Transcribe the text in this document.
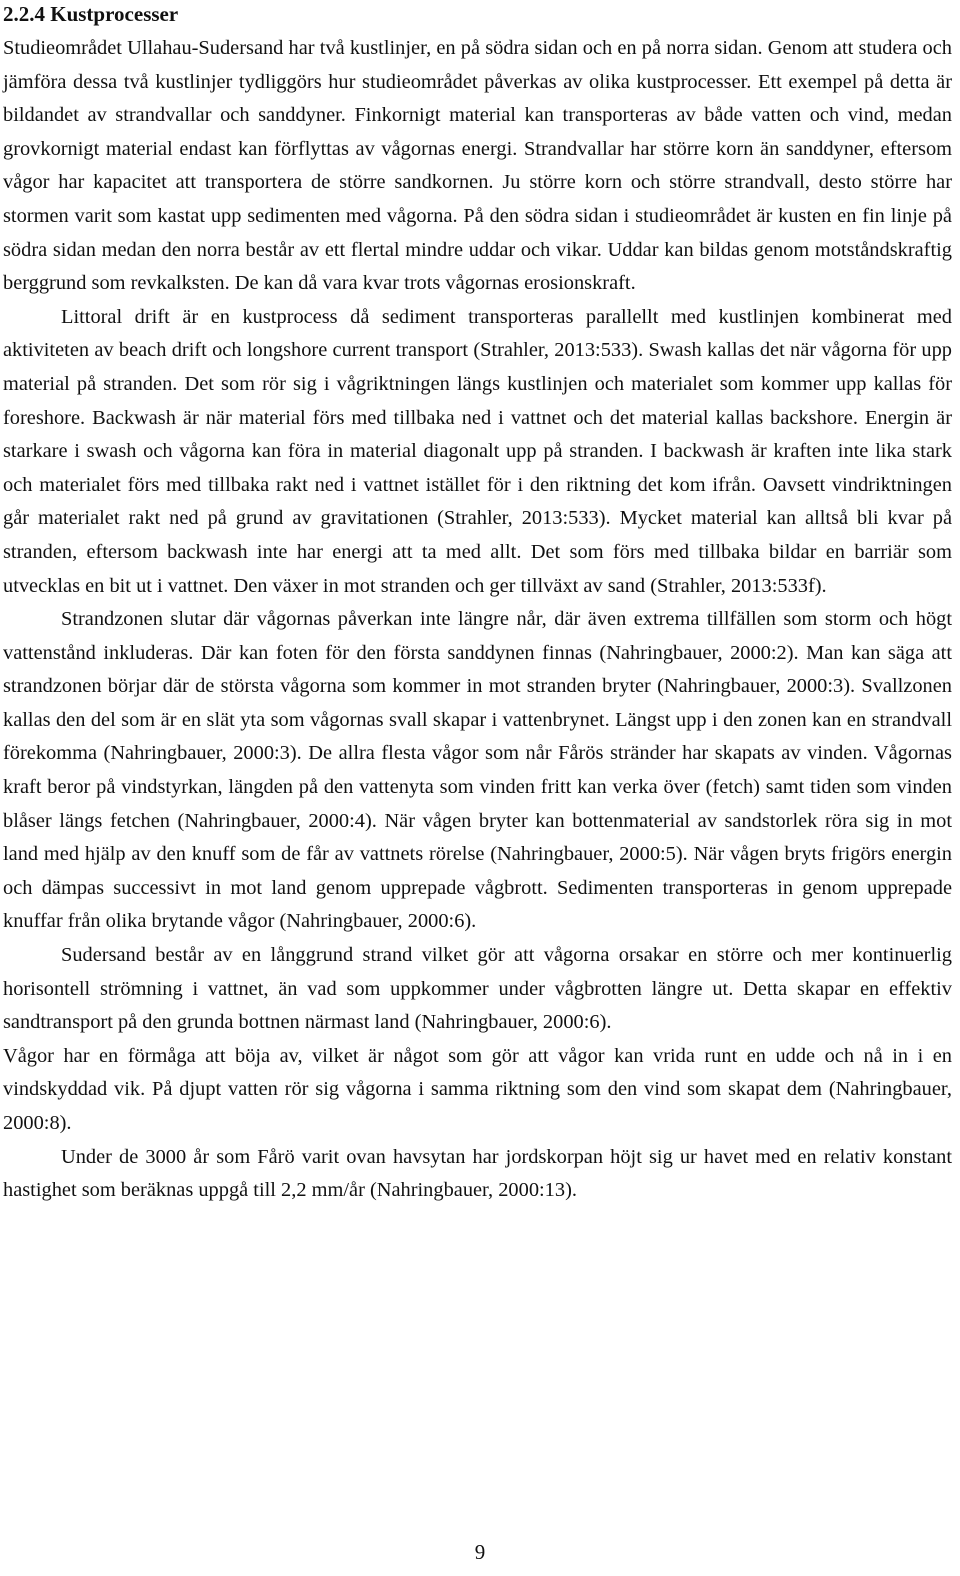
2.2.4 Kustprocesser

Studieområdet Ullahau-Sudersand har två kustlinjer, en på södra sidan och en på norra sidan. Genom att studera och jämföra dessa två kustlinjer tydliggörs hur studieområdet påverkas av olika kustprocesser. Ett exempel på detta är bildandet av strandvallar och sanddyner. Finkornigt material kan transporteras av både vatten och vind, medan grovkornigt material endast kan förflyttas av vågornas energi. Strandvallar har större korn än sanddyner, eftersom vågor har kapacitet att transportera de större sandkornen. Ju större korn och större strandvall, desto större har stormen varit som kastat upp sedimenten med vågorna. På den södra sidan i studieområdet är kusten en fin linje på södra sidan medan den norra består av ett flertal mindre uddar och vikar. Uddar kan bildas genom motståndskraftig berggrund som revkalksten. De kan då vara kvar trots vågornas erosionskraft.

Littoral drift är en kustprocess då sediment transporteras parallellt med kustlinjen kombinerat med aktiviteten av beach drift och longshore current transport (Strahler, 2013:533). Swash kallas det när vågorna för upp material på stranden. Det som rör sig i vågriktningen längs kustlinjen och materialet som kommer upp kallas för foreshore. Backwash är när material förs med tillbaka ned i vattnet och det material kallas backshore. Energin är starkare i swash och vågorna kan föra in material diagonalt upp på stranden. I backwash är kraften inte lika stark och materialet förs med tillbaka rakt ned i vattnet istället för i den riktning det kom ifrån. Oavsett vindriktningen går materialet rakt ned på grund av gravitationen (Strahler, 2013:533). Mycket material kan alltså bli kvar på stranden, eftersom backwash inte har energi att ta med allt. Det som förs med tillbaka bildar en barriär som utvecklas en bit ut i vattnet. Den växer in mot stranden och ger tillväxt av sand (Strahler, 2013:533f).

Strandzonen slutar där vågornas påverkan inte längre når, där även extrema tillfällen som storm och högt vattenstånd inkluderas. Där kan foten för den första sanddynen finnas (Nahringbauer, 2000:2). Man kan säga att strandzonen börjar där de största vågorna som kommer in mot stranden bryter (Nahringbauer, 2000:3). Svallzonen kallas den del som är en slät yta som vågornas svall skapar i vattenbrynet. Längst upp i den zonen kan en strandvall förekomma (Nahringbauer, 2000:3). De allra flesta vågor som når Fårös stränder har skapats av vinden. Vågornas kraft beror på vindstyrkan, längden på den vattenyta som vinden fritt kan verka över (fetch) samt tiden som vinden blåser längs fetchen (Nahringbauer, 2000:4). När vågen bryter kan bottenmaterial av sandstorlek röra sig in mot land med hjälp av den knuff som de får av vattnets rörelse (Nahringbauer, 2000:5). När vågen bryts frigörs energin och dämpas successivt in mot land genom upprepade vågbrott. Sedimenten transporteras in genom upprepade knuffar från olika brytande vågor (Nahringbauer, 2000:6).

Sudersand består av en långgrund strand vilket gör att vågorna orsakar en större och mer kontinuerlig horisontell strömning i vattnet, än vad som uppkommer under vågbrotten längre ut. Detta skapar en effektiv sandtransport på den grunda bottnen närmast land (Nahringbauer, 2000:6).

Vågor har en förmåga att böja av, vilket är något som gör att vågor kan vrida runt en udde och nå in i en vindskyddad vik. På djupt vatten rör sig vågorna i samma riktning som den vind som skapat dem (Nahringbauer, 2000:8).

Under de 3000 år som Fårö varit ovan havsytan har jordskorpan höjt sig ur havet med en relativ konstant hastighet som beräknas uppgå till 2,2 mm/år (Nahringbauer, 2000:13).

9
